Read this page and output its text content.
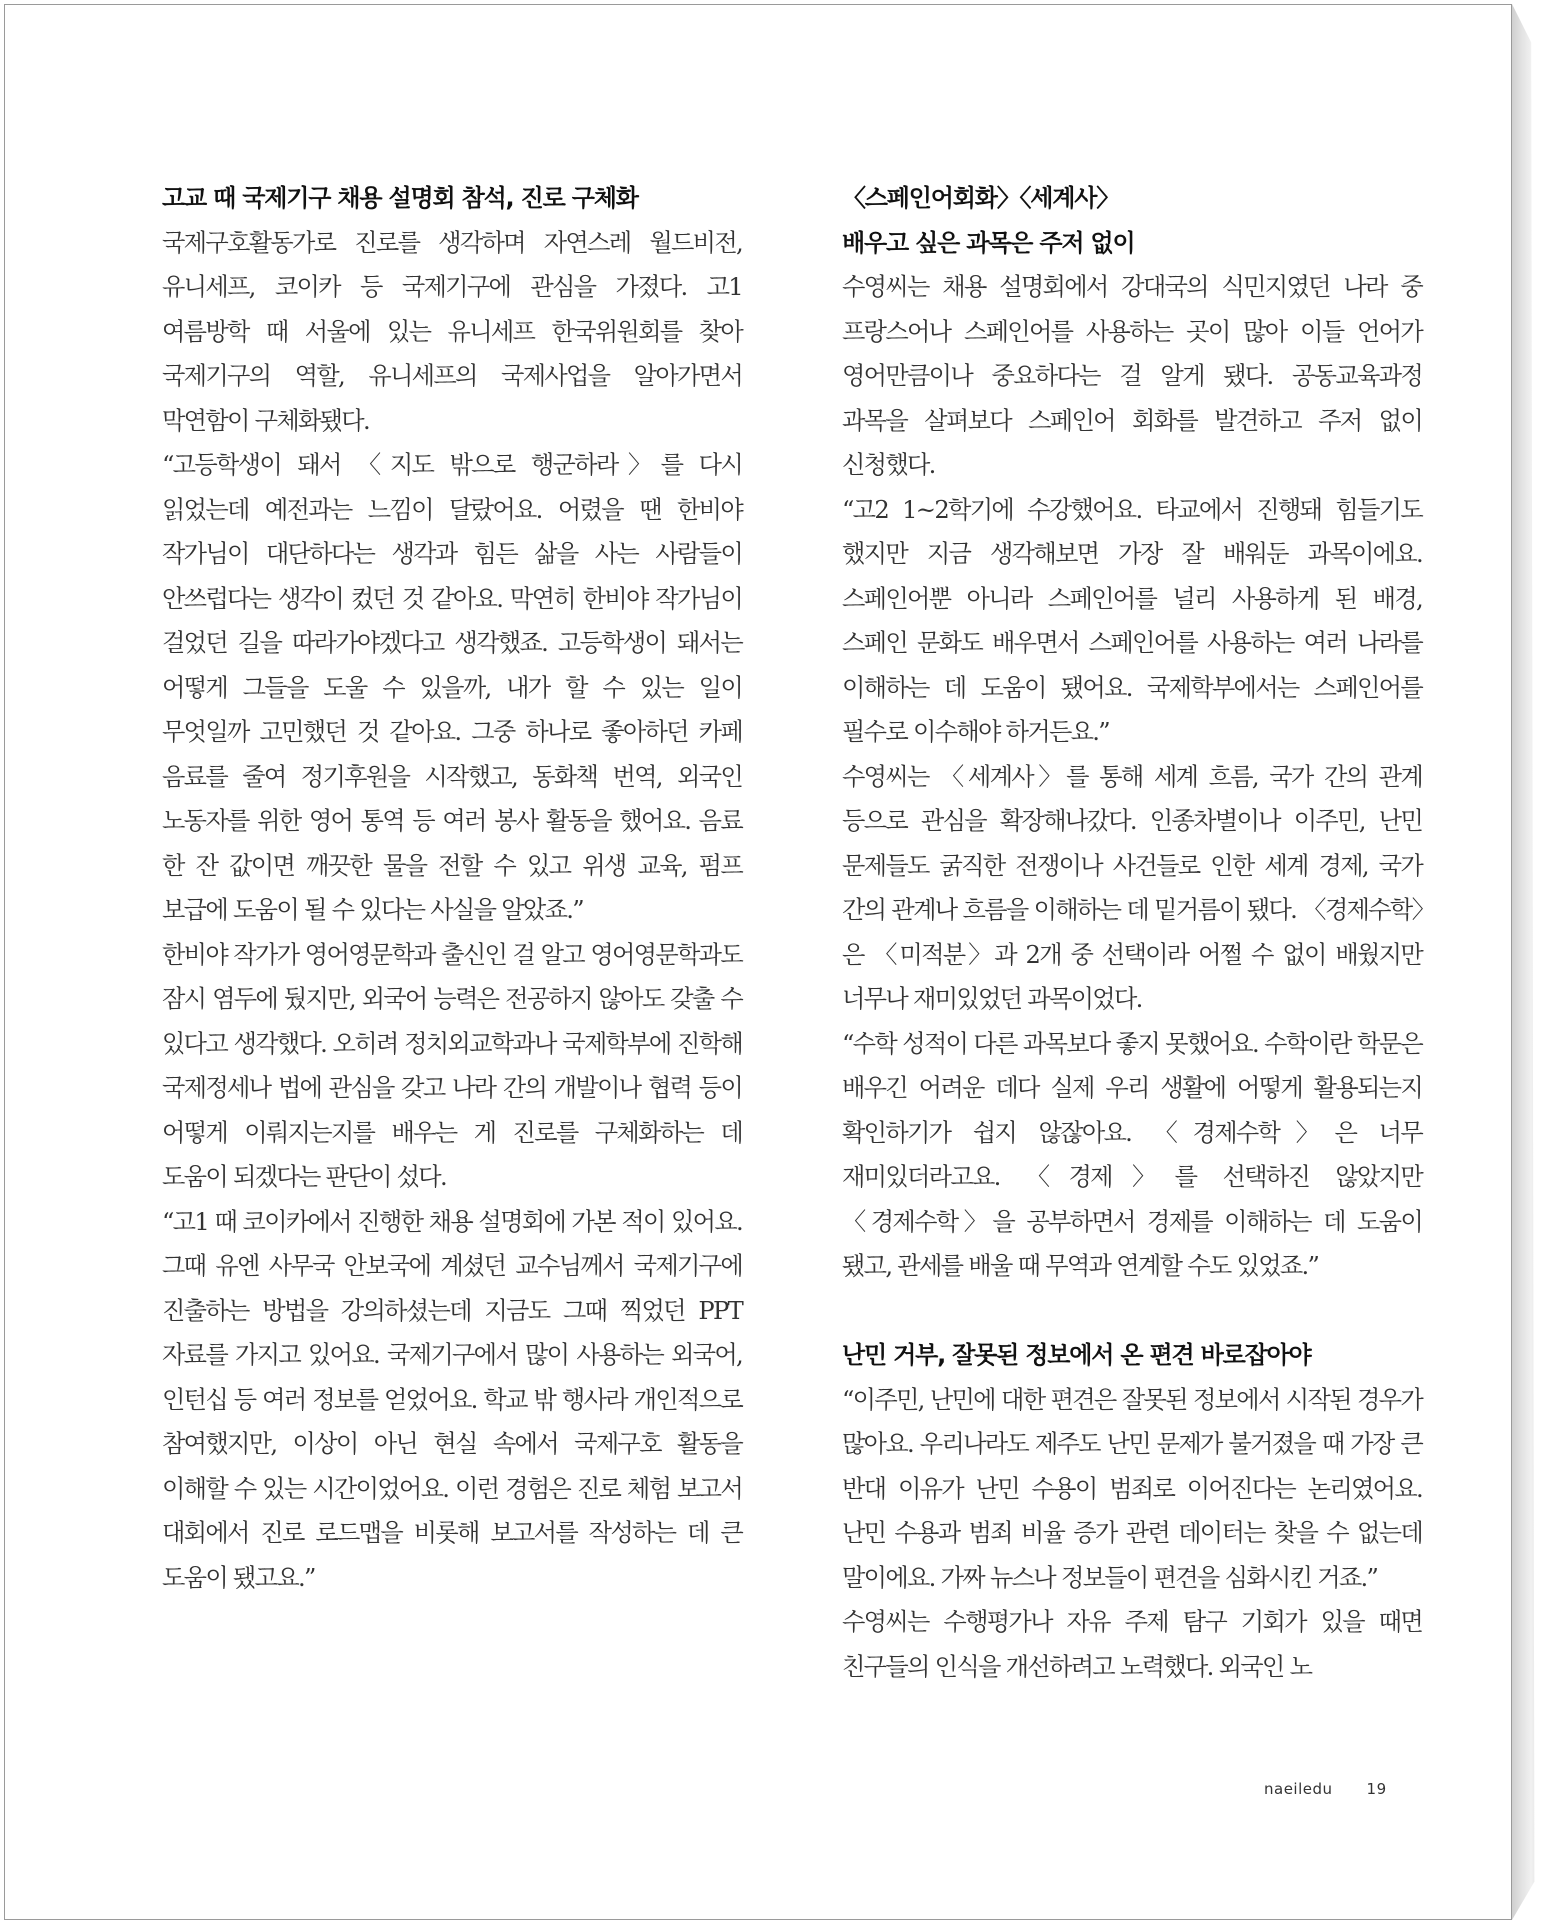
고교 때 국제기구 채용 설명회 참석, 진로 구체화

국제구호활동가로 진로를 생각하며 자연스레 월드비전, 유니세프, 코이카 등 국제기구에 관심을 가졌다. 고1 여름방학 때 서울에 있는 유니세프 한국위원회를 찾아 국제기구의 역할, 유니세프의 국제사업을 알아가면서 막연함이 구체화됐다.

“고등학생이 돼서 〈지도 밖으로 행군하라〉를 다시 읽었는데 예전과는 느낌이 달랐어요. 어렸을 땐 한비야 작가님이 대단하다는 생각과 힘든 삶을 사는 사람들이 안쓰럽다는 생각이 컸던 것 같아요. 막연히 한비야 작가님이 걸었던 길을 따라가야겠다고 생각했죠. 고등학생이 돼서는 어떻게 그들을 도울 수 있을까, 내가 할 수 있는 일이 무엇일까 고민했던 것 같아요. 그중 하나로 좋아하던 카페 음료를 줄여 정기후원을 시작했고, 동화책 번역, 외국인 노동자를 위한 영어 통역 등 여러 봉사 활동을 했어요. 음료 한 잔 값이면 깨끗한 물을 전할 수 있고 위생 교육, 펌프 보급에 도움이 될 수 있다는 사실을 알았죠.”

한비야 작가가 영어영문학과 출신인 걸 알고 영어영문학과도 잠시 염두에 뒀지만, 외국어 능력은 전공하지 않아도 갖출 수 있다고 생각했다. 오히려 정치외교학과나 국제학부에 진학해 국제정세나 법에 관심을 갖고 나라 간의 개발이나 협력 등이 어떻게 이뤄지는지를 배우는 게 진로를 구체화하는 데 도움이 되겠다는 판단이 섰다.

“고1 때 코이카에서 진행한 채용 설명회에 가본 적이 있어요. 그때 유엔 사무국 안보국에 계셨던 교수님께서 국제기구에 진출하는 방법을 강의하셨는데 지금도 그때 찍었던 PPT 자료를 가지고 있어요. 국제기구에서 많이 사용하는 외국어, 인턴십 등 여러 정보를 얻었어요. 학교 밖 행사라 개인적으로 참여했지만, 이상이 아닌 현실 속에서 국제구호 활동을 이해할 수 있는 시간이었어요. 이런 경험은 진로 체험 보고서 대회에서 진로 로드맵을 비롯해 보고서를 작성하는 데 큰 도움이 됐고요.”

〈스페인어회화〉〈세계사〉
배우고 싶은 과목은 주저 없이

수영씨는 채용 설명회에서 강대국의 식민지였던 나라 중 프랑스어나 스페인어를 사용하는 곳이 많아 이들 언어가 영어만큼이나 중요하다는 걸 알게 됐다. 공동교육과정 과목을 살펴보다 스페인어 회화를 발견하고 주저 없이 신청했다.

“고2 1~2학기에 수강했어요. 타교에서 진행돼 힘들기도 했지만 지금 생각해보면 가장 잘 배워둔 과목이에요. 스페인어뿐 아니라 스페인어를 널리 사용하게 된 배경, 스페인 문화도 배우면서 스페인어를 사용하는 여러 나라를 이해하는 데 도움이 됐어요. 국제학부에서는 스페인어를 필수로 이수해야 하거든요.”

수영씨는 〈세계사〉를 통해 세계 흐름, 국가 간의 관계 등으로 관심을 확장해나갔다. 인종차별이나 이주민, 난민 문제들도 굵직한 전쟁이나 사건들로 인한 세계 경제, 국가 간의 관계나 흐름을 이해하는 데 밑거름이 됐다. 〈경제수학〉은 〈미적분〉과 2개 중 선택이라 어쩔 수 없이 배웠지만 너무나 재미있었던 과목이었다.

“수학 성적이 다른 과목보다 좋지 못했어요. 수학이란 학문은 배우긴 어려운 데다 실제 우리 생활에 어떻게 활용되는지 확인하기가 쉽지 않잖아요. 〈경제수학〉은 너무 재미있더라고요. 〈경제〉를 선택하진 않았지만 〈경제수학〉을 공부하면서 경제를 이해하는 데 도움이 됐고, 관세를 배울 때 무역과 연계할 수도 있었죠.”

난민 거부, 잘못된 정보에서 온 편견 바로잡아야

“이주민, 난민에 대한 편견은 잘못된 정보에서 시작된 경우가 많아요. 우리나라도 제주도 난민 문제가 불거졌을 때 가장 큰 반대 이유가 난민 수용이 범죄로 이어진다는 논리였어요. 난민 수용과 범죄 비율 증가 관련 데이터는 찾을 수 없는데 말이에요. 가짜 뉴스나 정보들이 편견을 심화시킨 거죠.”

수영씨는 수행평가나 자유 주제 탐구 기회가 있을 때면 친구들의 인식을 개선하려고 노력했다. 외국인 노

naeiledu 19
